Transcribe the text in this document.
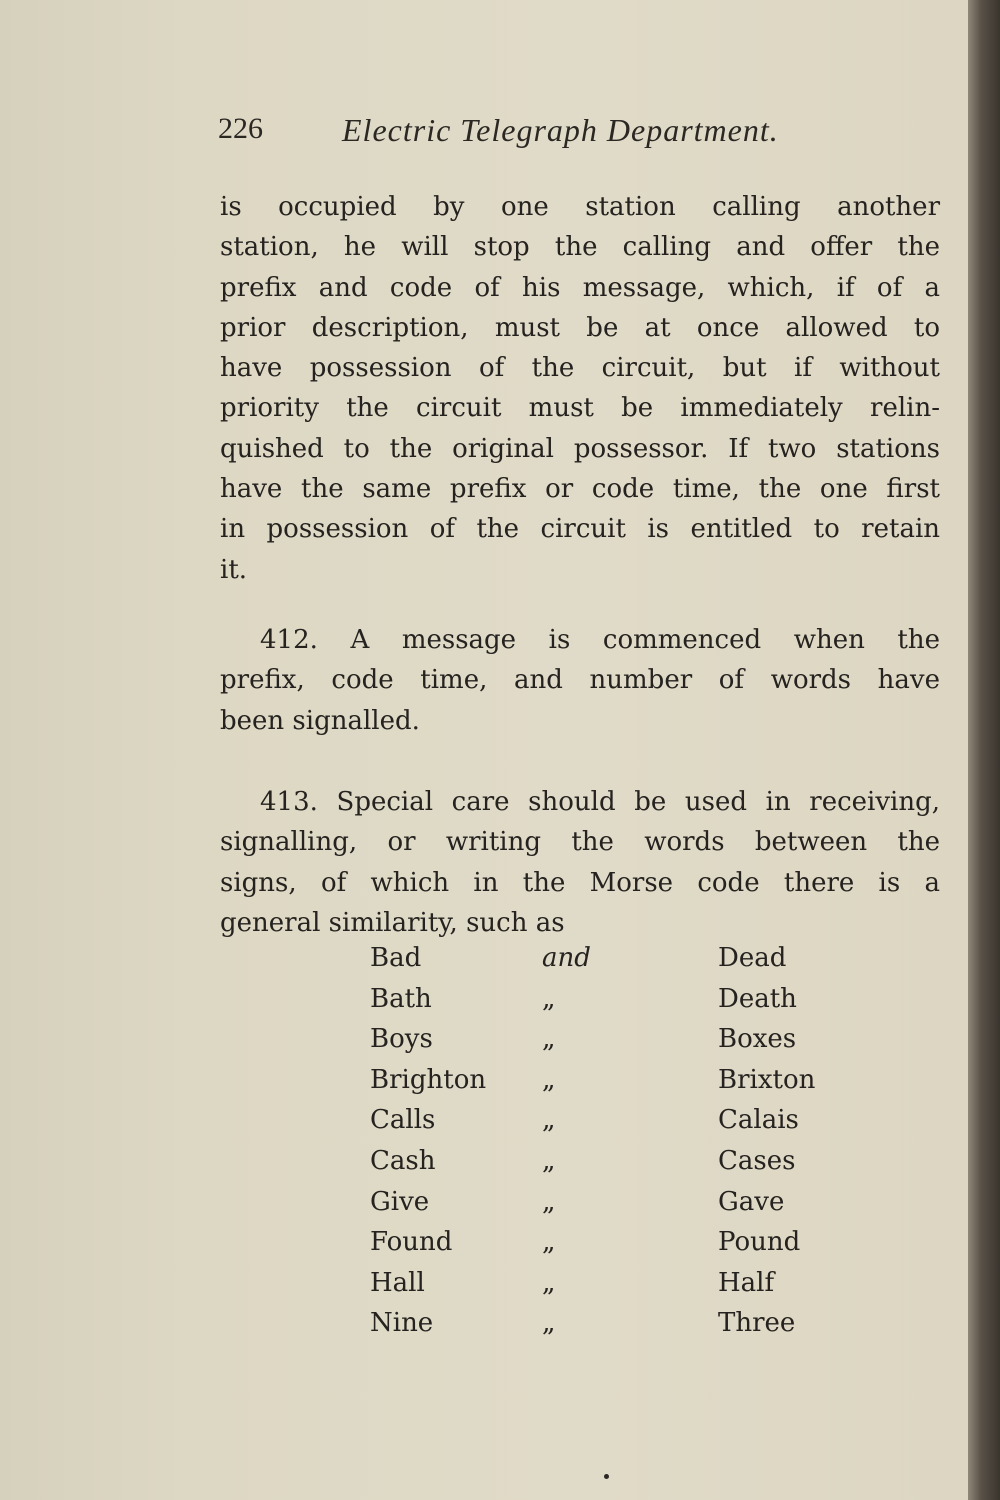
226 Electric Telegraph Department.
is occupied by one station calling another
station, he will stop the calling and offer the
prefix and code of his message, which, if of a
prior description, must be at once allowed to
have possession of the circuit, but if without
priority the circuit must be immediately relin-
quished to the original possessor. If two stations
have the same prefix or code time, the one first
in possession of the circuit is entitled to retain
it.
412. A message is commenced when the
prefix, code time, and number of words have
been signalled.
413. Special care should be used in receiving,
signalling, or writing the words between the
signs, of which in the Morse code there is a
general similarity, such as
Bad	and	Dead
Bath	„	Death
Boys	„	Boxes
Brighton „	Brixton
Calls	„	Calais
Cash	„	Cases
Give	„	Gave
Found	„	Pound
Hall	„	Half
Nine	„	Three
